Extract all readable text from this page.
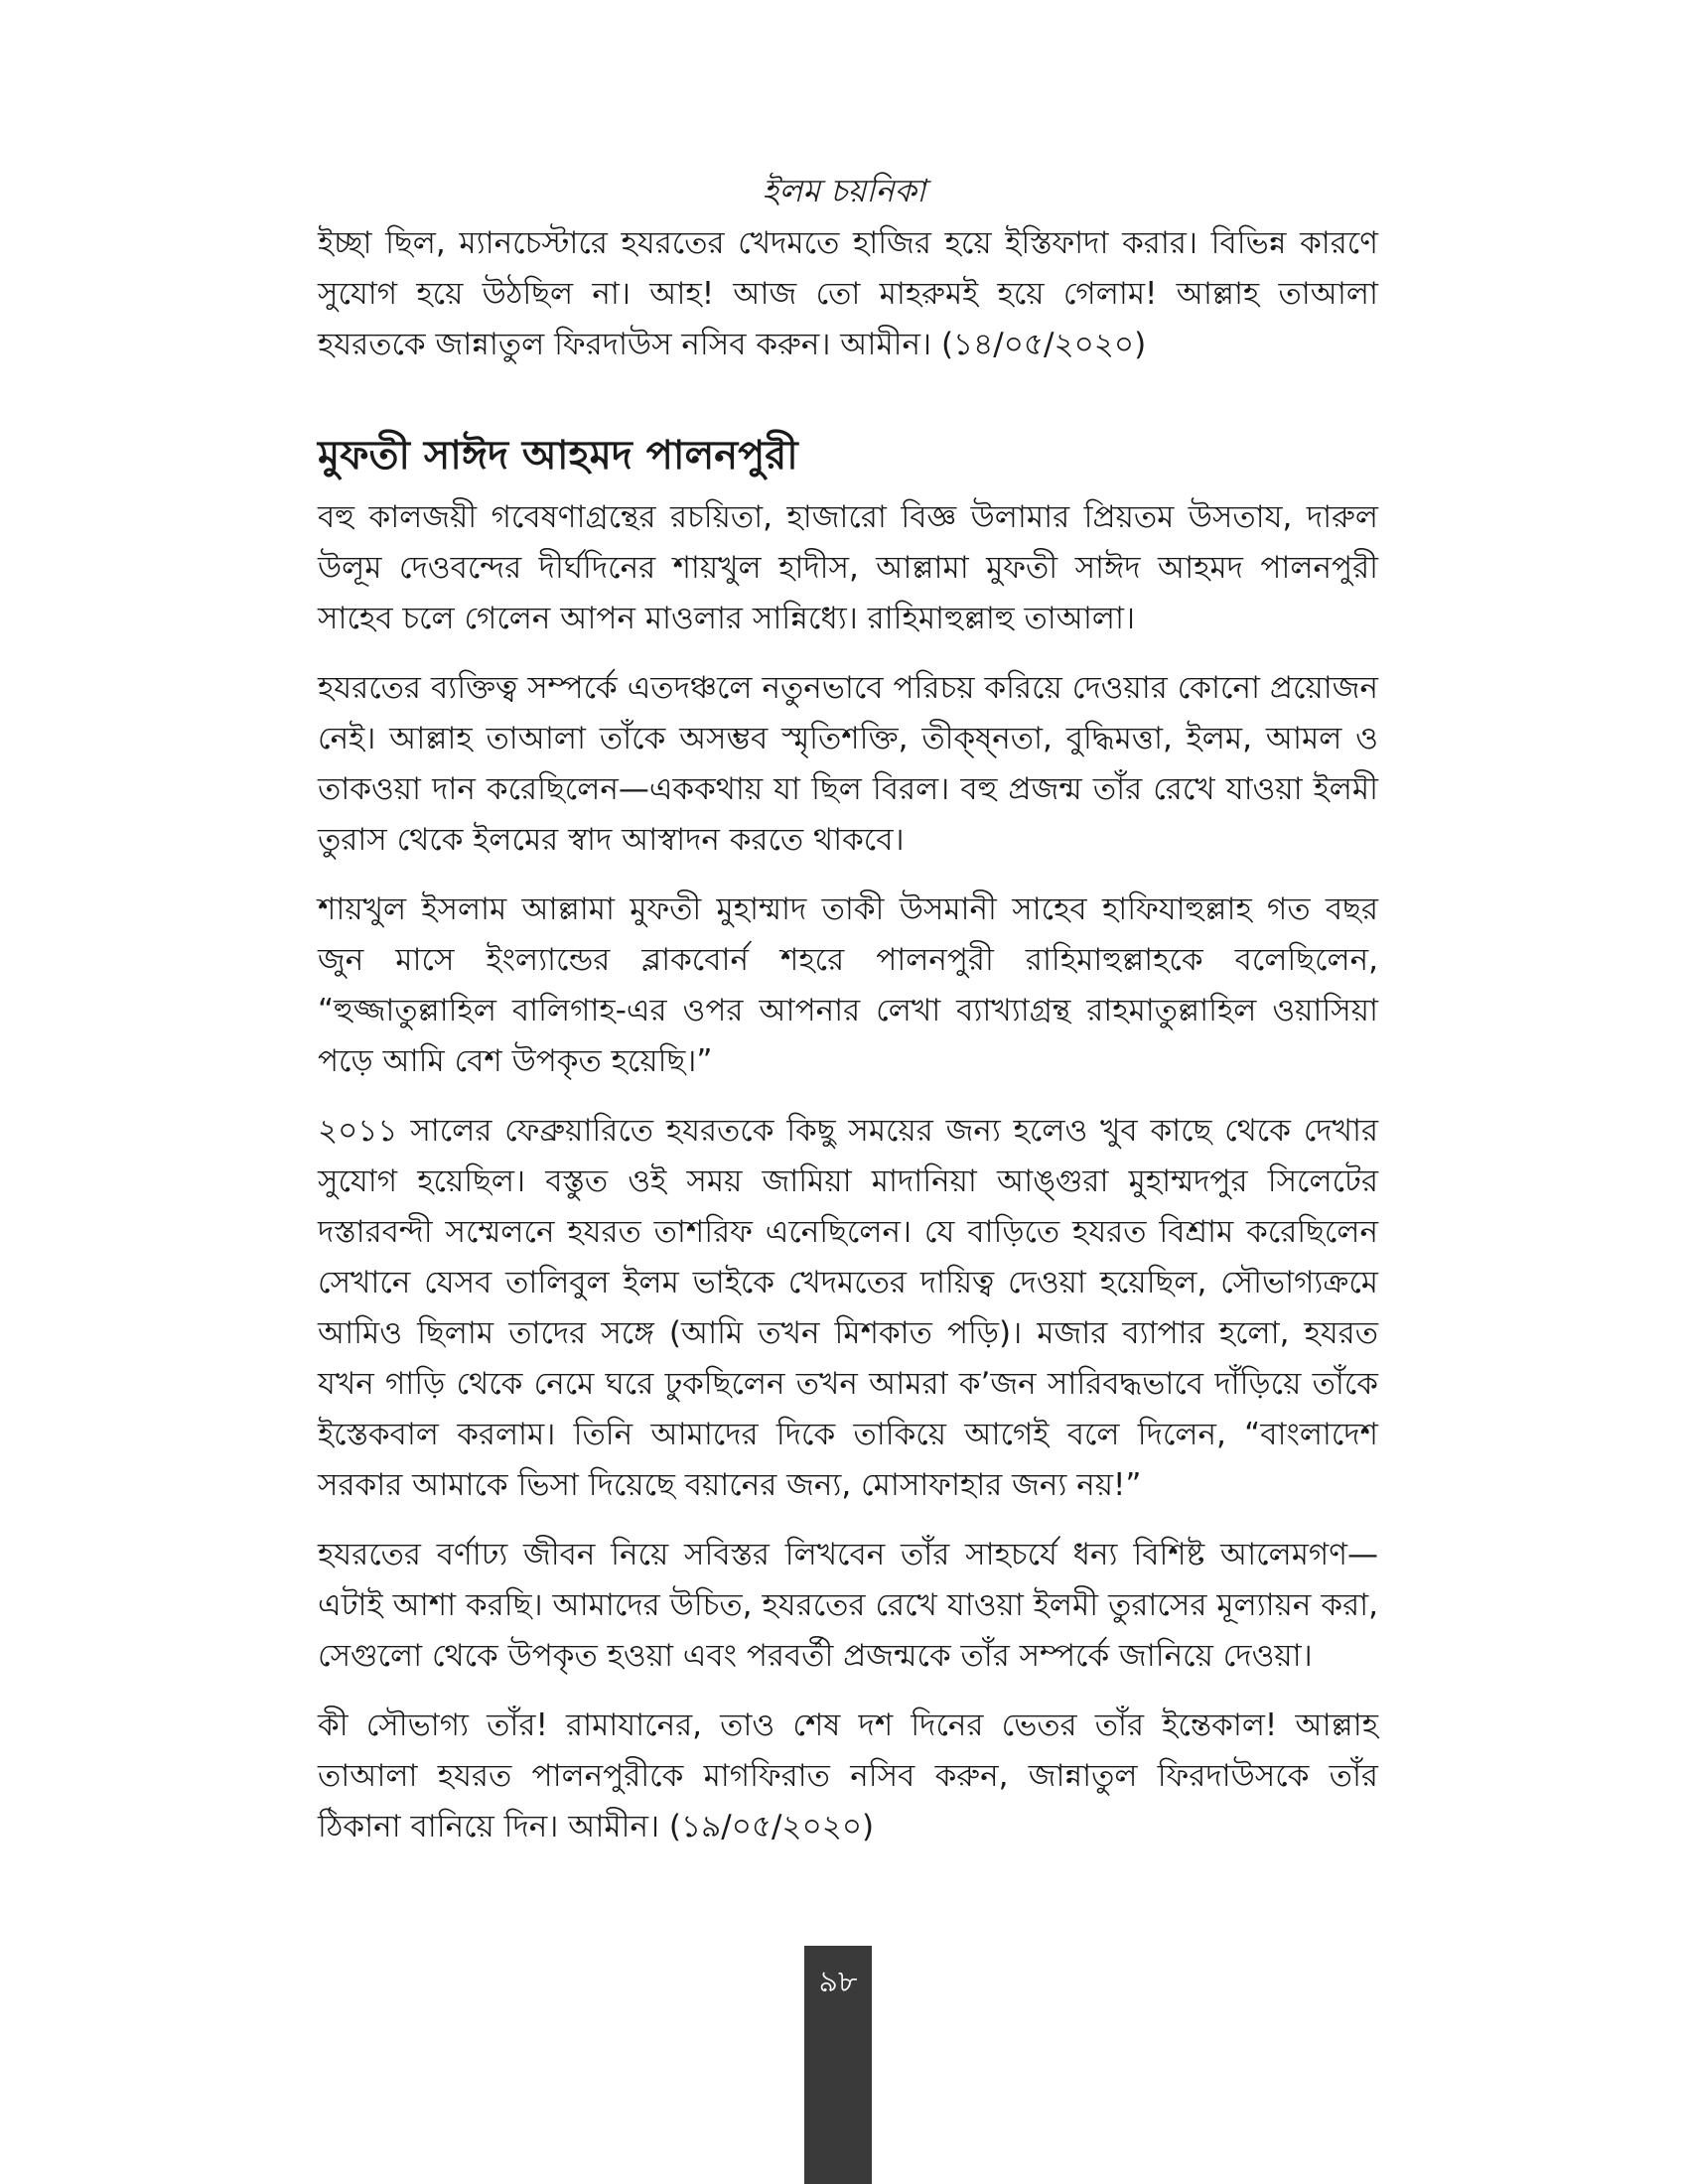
ইলম চয়নিকা

ইচ্ছা ছিল, ম্যানচেস্টারে হযরতের খেদমতে হাজির হয়ে ইস্তিফাদা করার। বিভিন্ন কারণে সুযোগ হয়ে উঠছিল না। আহ! আজ তো মাহরুমই হয়ে গেলাম! আল্লাহ তাআলা হযরতকে জান্নাতুল ফিরদাউস নসিব করুন। আমীন। (১৪/০৫/২০২০)

মুফতী সাঈদ আহমদ পালনপুরী

বহু কালজয়ী গবেষণাগ্রন্থের রচয়িতা, হাজারো বিজ্ঞ উলামার প্রিয়তম উসতায, দারুল উলূম দেওবন্দের দীর্ঘদিনের শায়খুল হাদীস, আল্লামা মুফতী সাঈদ আহমদ পালনপুরী সাহেব চলে গেলেন আপন মাওলার সান্নিধ্যে। রাহিমাহুল্লাহু তাআলা।

হযরতের ব্যক্তিত্ব সম্পর্কে এতদঞ্চলে নতুনভাবে পরিচয় করিয়ে দেওয়ার কোনো প্রয়োজন নেই। আল্লাহ তাআলা তাঁকে অসম্ভব স্মৃতিশক্তি, তীক্ষ্নতা, বুদ্ধিমত্তা, ইলম, আমল ও তাকওয়া দান করেছিলেন—এককথায় যা ছিল বিরল। বহু প্রজন্ম তাঁর রেখে যাওয়া ইলমী তুরাস থেকে ইলমের স্বাদ আস্বাদন করতে থাকবে।

শায়খুল ইসলাম আল্লামা মুফতী মুহাম্মাদ তাকী উসমানী সাহেব হাফিযাহুল্লাহ গত বছর জুন মাসে ইংল্যান্ডের ব্লাকবোর্ন শহরে পালনপুরী রাহিমাহুল্লাহকে বলেছিলেন, “হুজ্জাতুল্লাহিল বালিগাহ-এর ওপর আপনার লেখা ব্যাখ্যাগ্রন্থ রাহমাতুল্লাহিল ওয়াসিয়া পড়ে আমি বেশ উপকৃত হয়েছি।”

২০১১ সালের ফেব্রুয়ারিতে হযরতকে কিছু সময়ের জন্য হলেও খুব কাছে থেকে দেখার সুযোগ হয়েছিল। বস্তুত ওই সময় জামিয়া মাদানিয়া আঙ্গুরা মুহাম্মদপুর সিলেটের দস্তারবন্দী সম্মেলনে হযরত তাশরিফ এনেছিলেন। যে বাড়িতে হযরত বিশ্রাম করেছিলেন সেখানে যেসব তালিবুল ইলম ভাইকে খেদমতের দায়িত্ব দেওয়া হয়েছিল, সৌভাগ্যক্রমে আমিও ছিলাম তাদের সঙ্গে (আমি তখন মিশকাত পড়ি)। মজার ব্যাপার হলো, হযরত যখন গাড়ি থেকে নেমে ঘরে ঢুকছিলেন তখন আমরা ক’জন সারিবদ্ধভাবে দাঁড়িয়ে তাঁকে ইস্তেকবাল করলাম। তিনি আমাদের দিকে তাকিয়ে আগেই বলে দিলেন, “বাংলাদেশ সরকার আমাকে ভিসা দিয়েছে বয়ানের জন্য, মোসাফাহার জন্য নয়!”

হযরতের বর্ণাঢ্য জীবন নিয়ে সবিস্তর লিখবেন তাঁর সাহচর্যে ধন্য বিশিষ্ট আলেমগণ—এটাই আশা করছি। আমাদের উচিত, হযরতের রেখে যাওয়া ইলমী তুরাসের মূল্যায়ন করা, সেগুলো থেকে উপকৃত হওয়া এবং পরবর্তী প্রজন্মকে তাঁর সম্পর্কে জানিয়ে দেওয়া।

কী সৌভাগ্য তাঁর! রামাযানের, তাও শেষ দশ দিনের ভেতর তাঁর ইন্তেকাল! আল্লাহ তাআলা হযরত পালনপুরীকে মাগফিরাত নসিব করুন, জান্নাতুল ফিরদাউসকে তাঁর ঠিকানা বানিয়ে দিন। আমীন। (১৯/০৫/২০২০)

৯৮
